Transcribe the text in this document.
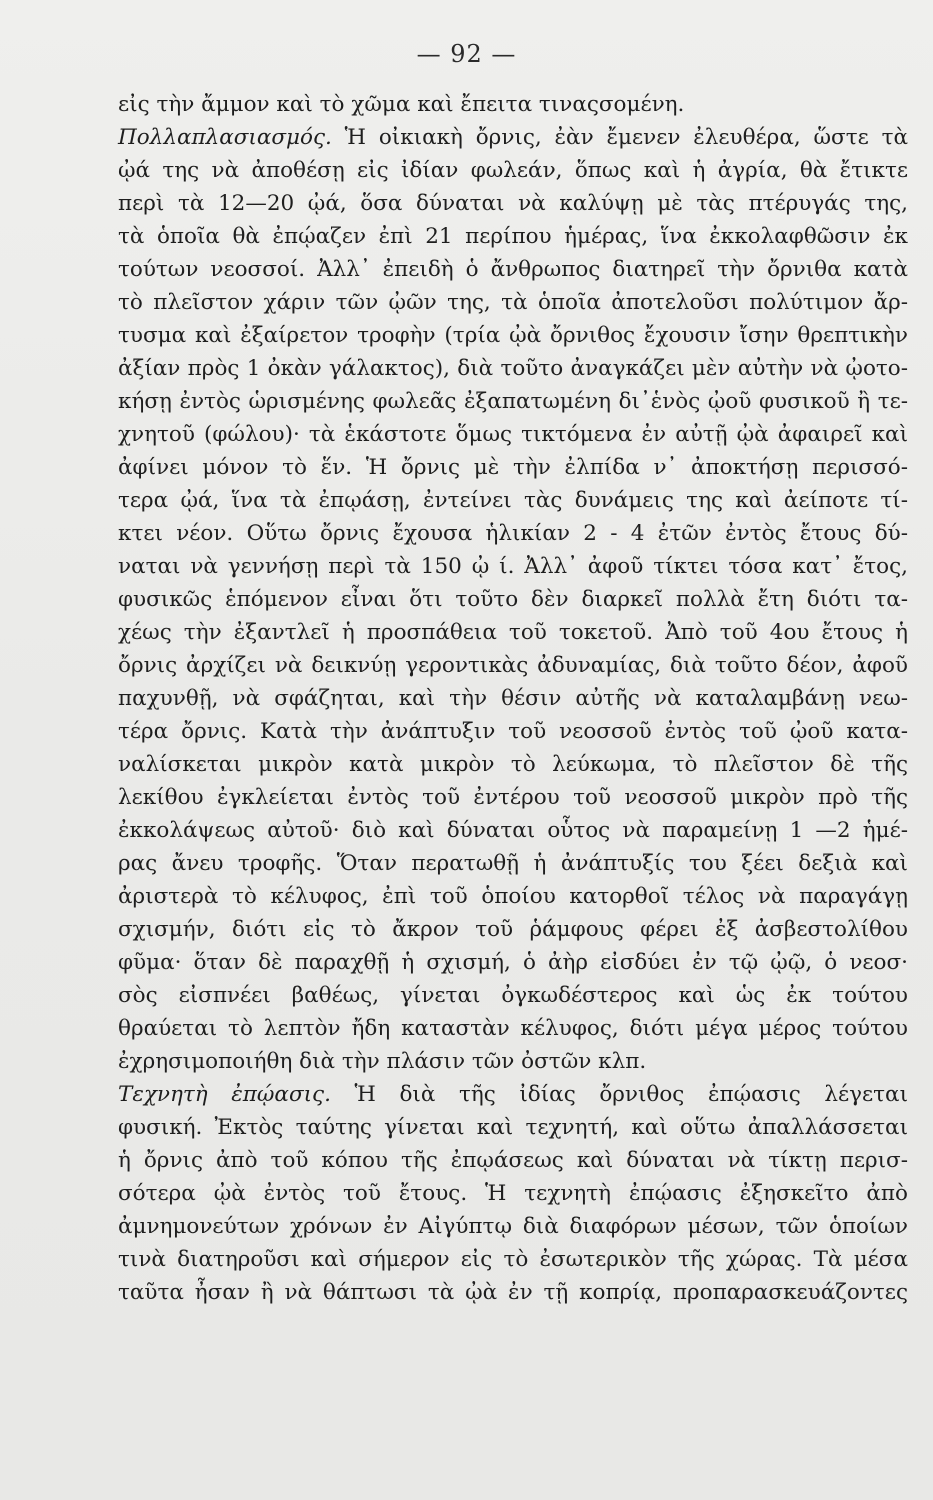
— 92 —
εἰς τὴν ἄμμον καὶ τὸ χῶμα καὶ ἔπειτα τιναςσομένη.
Πολλαπλασιασμός. Ἡ οἰκιακὴ ὄρνις, ἐὰν ἔμενεν ἐλευθέρα, ὥστε τὰ
ᾠά της νὰ ἀποθέσῃ εἰς ἰδίαν φωλεάν, ὅπως καὶ ἡ ἀγρία, θὰ ἔτικτε
περὶ τὰ 12—20 ᾠά, ὅσα δύναται νὰ καλύψῃ μὲ τὰς πτέρυγάς της,
τὰ ὁποῖα θὰ ἐπῴαζεν ἐπὶ 21 περίπου ἡμέρας, ἵνα ἐκκολαφθῶσιν ἐκ
τούτων νεοσσοί. Ἀλλ᾽ ἐπειδὴ ὁ ἄνθρωπος διατηρεῖ τὴν ὄρνιθα κατὰ
τὸ πλεῖστον χάριν τῶν ᾠῶν της, τὰ ὁποῖα ἀποτελοῦσι πολύτιμον ἄρ-
τυσμα καὶ ἐξαίρετον τροφὴν (τρία ᾠὰ ὄρνιθος ἔχουσιν ἴσην θρεπτικὴν
ἀξίαν πρὸς 1 ὀκὰν γάλακτος), διὰ τοῦτο ἀναγκάζει μὲν αὐτὴν νὰ ᾠοτο-
κήσῃ ἐντὸς ὡρισμένης φωλεᾶς ἐξαπατωμένη δι᾽ἑνὸς ᾠοῦ φυσικοῦ ἢ τε-
χνητοῦ (φώλου)· τὰ ἑκάστοτε ὅμως τικτόμενα ἐν αὐτῇ ᾠὰ ἀφαιρεῖ καὶ
ἀφίνει μόνον τὸ ἕν. Ἡ ὄρνις μὲ τὴν ἐλπίδα ν᾽ ἀποκτήσῃ περισσό-
τερα ᾠά, ἵνα τὰ ἐπῳάσῃ, ἐντείνει τὰς δυνάμεις της καὶ ἀείποτε τί-
κτει νέον. Οὕτω ὄρνις ἔχουσα ἡλικίαν 2 - 4 ἐτῶν ἐντὸς ἔτους δύ-
ναται νὰ γεννήσῃ περὶ τὰ 150 ᾠ ί. Ἀλλ᾽ ἀφοῦ τίκτει τόσα κατ᾽ ἔτος,
φυσικῶς ἑπόμενον εἶναι ὅτι τοῦτο δὲν διαρκεῖ πολλὰ ἔτη διότι τα-
χέως τὴν ἐξαντλεῖ ἡ προσπάθεια τοῦ τοκετοῦ. Ἀπὸ τοῦ 4ου ἔτους ἡ
ὄρνις ἀρχίζει νὰ δεικνύῃ γεροντικὰς ἀδυναμίας, διὰ τοῦτο δέον, ἀφοῦ
παχυνθῇ, νὰ σφάζηται, καὶ τὴν θέσιν αὐτῆς νὰ καταλαμβάνῃ νεω-
τέρα ὄρνις. Κατὰ τὴν ἀνάπτυξιν τοῦ νεοσσοῦ ἐντὸς τοῦ ᾠοῦ κατα-
ναλίσκεται μικρὸν κατὰ μικρὸν τὸ λεύκωμα, τὸ πλεῖστον δὲ τῆς
λεκίθου ἐγκλείεται ἐντὸς τοῦ ἐντέρου τοῦ νεοσσοῦ μικρὸν πρὸ τῆς
ἐκκολάψεως αὐτοῦ· διὸ καὶ δύναται οὗτος νὰ παραμείνῃ 1 —2 ἡμέ-
ρας ἄνευ τροφῆς. Ὅταν περατωθῇ ἡ ἀνάπτυξίς του ξέει δεξιὰ καὶ
ἀριστερὰ τὸ κέλυφος, ἐπὶ τοῦ ὁποίου κατορθοῖ τέλος νὰ παραγάγῃ
σχισμήν, διότι εἰς τὸ ἄκρον τοῦ ῥάμφους φέρει ἐξ ἀσβεστολίθου
φῦμα· ὅταν δὲ παραχθῇ ἡ σχισμή, ὁ ἀὴρ εἰσδύει ἐν τῷ ᾠῷ, ὁ νεοσ·
σὸς εἰσπνέει βαθέως, γίνεται ὀγκωδέστερος καὶ ὡς ἐκ τούτου
θραύεται τὸ λεπτὸν ἤδη καταστὰν κέλυφος, διότι μέγα μέρος τούτου
ἐχρησιμοποιήθη διὰ τὴν πλάσιν τῶν ὀστῶν κλπ.
Τεχνητὴ ἐπῴασις. Ἡ διὰ τῆς ἰδίας ὄρνιθος ἐπῴασις λέγεται
φυσική. Ἐκτὸς ταύτης γίνεται καὶ τεχνητή, καὶ οὕτω ἀπαλλάσσεται
ἡ ὄρνις ἀπὸ τοῦ κόπου τῆς ἐπῳάσεως καὶ δύναται νὰ τίκτῃ περισ-
σότερα ᾠὰ ἐντὸς τοῦ ἔτους. Ἡ τεχνητὴ ἐπῴασις ἐξησκεῖτο ἀπὸ
ἀμνημονεύτων χρόνων ἐν Αἰγύπτῳ διὰ διαφόρων μέσων, τῶν ὁποίων
τινὰ διατηροῦσι καὶ σήμερον εἰς τὸ ἐσωτερικὸν τῆς χώρας. Τὰ μέσα
ταῦτα ἦσαν ἢ νὰ θάπτωσι τὰ ᾠὰ ἐν τῇ κοπρίᾳ, προπαρασκευάζοντες
